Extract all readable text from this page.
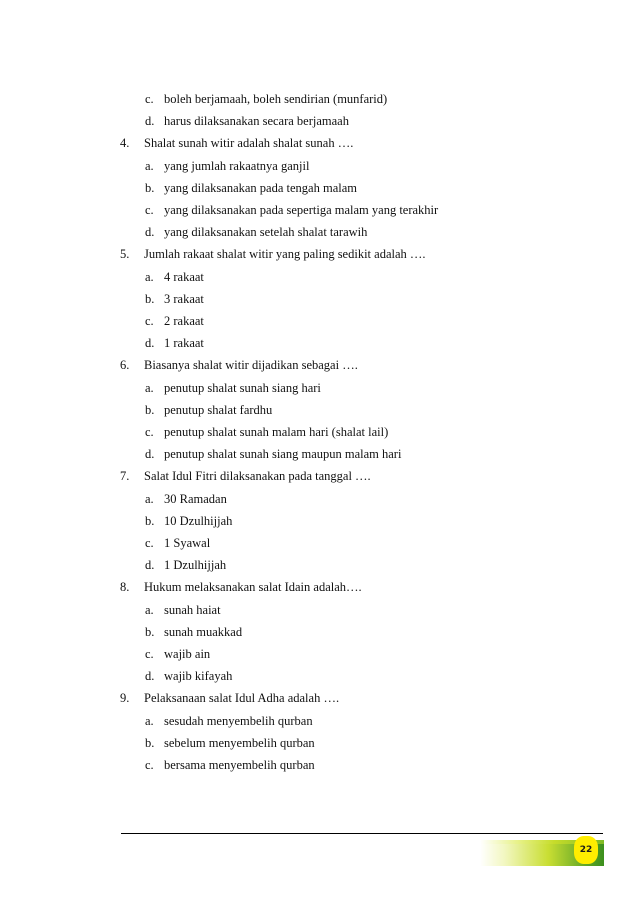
c. boleh berjamaah, boleh sendirian (munfarid)
d. harus dilaksanakan secara berjamaah
4. Shalat sunah witir adalah shalat sunah ….
a. yang jumlah rakaatnya ganjil
b. yang dilaksanakan pada tengah malam
c. yang dilaksanakan pada sepertiga malam yang terakhir
d. yang dilaksanakan setelah shalat tarawih
5. Jumlah rakaat shalat witir yang paling sedikit adalah ….
a. 4 rakaat
b. 3 rakaat
c. 2 rakaat
d. 1 rakaat
6. Biasanya shalat witir dijadikan sebagai ….
a. penutup shalat sunah siang hari
b. penutup shalat fardhu
c. penutup shalat sunah malam hari (shalat lail)
d. penutup shalat sunah siang maupun malam hari
7. Salat Idul Fitri dilaksanakan pada tanggal ….
a. 30 Ramadan
b. 10 Dzulhijjah
c. 1 Syawal
d. 1 Dzulhijjah
8. Hukum melaksanakan salat Idain adalah….
a. sunah haiat
b. sunah muakkad
c. wajib ain
d. wajib kifayah
9. Pelaksanaan salat Idul Adha adalah ….
a. sesudah menyembelih qurban
b. sebelum menyembelih qurban
c. bersama menyembelih qurban
22
